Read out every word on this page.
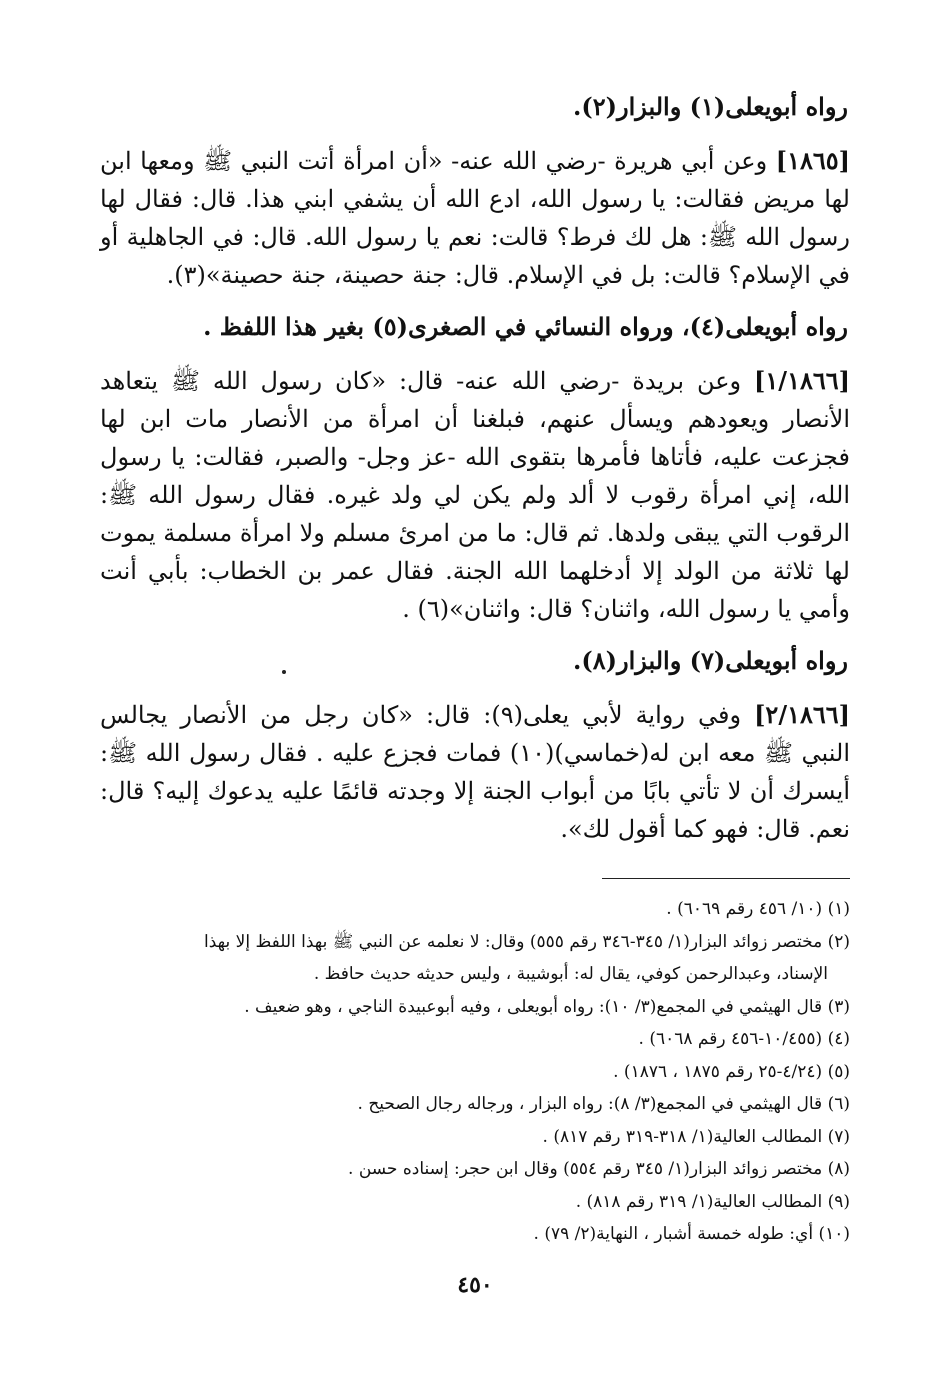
رواه أبويعلى(١) والبزار(٢).

[١٨٦٥] وعن أبي هريرة -رضي الله عنه- «أن امرأة أتت النبي ﷺ ومعها ابن لها مريض فقالت: يا رسول الله، ادع الله أن يشفي ابني هذا. قال: فقال لها رسول الله ﷺ: هل لك فرط؟ قالت: نعم يا رسول الله. قال: في الجاهلية أو في الإسلام؟ قالت: بل في الإسلام. قال: جنة حصينة، جنة حصينة»(٣).

رواه أبويعلى(٤)، ورواه النسائي في الصغرى(٥) بغير هذا اللفظ .

[١/١٨٦٦] وعن بريدة -رضي الله عنه- قال: «كان رسول الله ﷺ يتعاهد الأنصار ويعودهم ويسأل عنهم، فبلغنا أن امرأة من الأنصار مات ابن لها فجزعت عليه، فأتاها فأمرها بتقوى الله -عز وجل- والصبر، فقالت: يا رسول الله، إني امرأة رقوب لا ألد ولم يكن لي ولد غيره. فقال رسول الله ﷺ: الرقوب التي يبقى ولدها. ثم قال: ما من امرئ مسلم ولا امرأة مسلمة يموت لها ثلاثة من الولد إلا أدخلهما الله الجنة. فقال عمر بن الخطاب: بأبي أنت وأمي يا رسول الله، واثنان؟ قال: واثنان»(٦) .

رواه أبويعلى(٧) والبزار(٨).

[٢/١٨٦٦] وفي رواية لأبي يعلى(٩): قال: «كان رجل من الأنصار يجالس النبي ﷺ معه ابن له(خماسي)(١٠) فمات فجزع عليه . فقال رسول الله ﷺ: أيسرك أن لا تأتي بابًا من أبواب الجنة إلا وجدته قائمًا عليه يدعوك إليه؟ قال: نعم. قال: فهو كما أقول لك».

(١) (١٠/ ٤٥٦ رقم ٦٠٦٩) .

(٢) مختصر زوائد البزار(١/ ٣٤٥-٣٤٦ رقم ٥٥٥) وقال: لا نعلمه عن النبي ﷺ بهذا اللفظ إلا بهذا

الإسناد، وعبدالرحمن كوفي، يقال له: أبوشيبة ، وليس حديثه حديث حافظ .

(٣) قال الهيثمي في المجمع(٣/ ١٠): رواه أبويعلى ، وفيه أبوعبيدة الناجي ، وهو ضعيف .

(٤) (١٠/٤٥٥-٤٥٦ رقم ٦٠٦٨) .

(٥) (٤/٢٤-٢٥ رقم ١٨٧٥ ، ١٨٧٦) .

(٦) قال الهيثمي في المجمع(٣/ ٨): رواه البزار ، ورجاله رجال الصحيح .

(٧) المطالب العالية(١/ ٣١٨-٣١٩ رقم ٨١٧) .

(٨) مختصر زوائد البزار(١/ ٣٤٥ رقم ٥٥٤) وقال ابن حجر: إسناده حسن .

(٩) المطالب العالية(١/ ٣١٩ رقم ٨١٨) .

(١٠) أي: طوله خمسة أشبار ، النهاية(٢/ ٧٩) .

٤٥٠
